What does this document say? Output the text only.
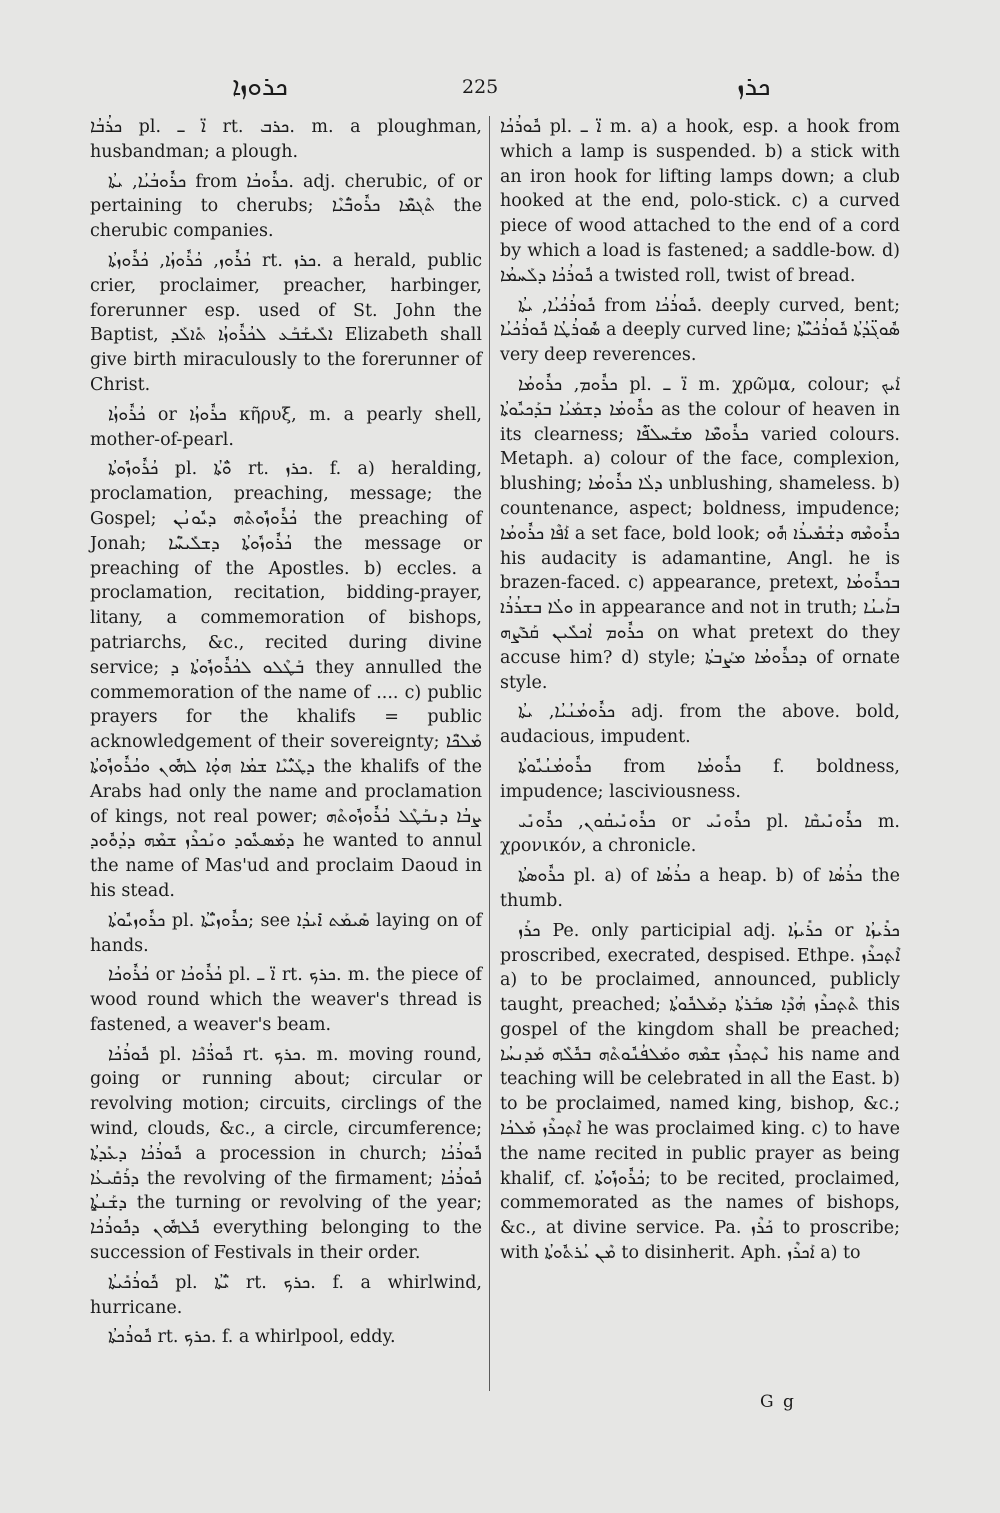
ܟܪܘܙܐ	225	ܟܪܙ

ܟܪܳܒܳܐ pl. ܐ̈ ـ rt. ܟܪܒ. m. a ploughman, husbandman; a plough.

ܟܪܽܘܒܳܝܳܐ, ܝܬܳܐ from ܟܪܽܘܒܳܐ. adj. cherubic, of or pertaining to cherubs; ܬܶܓܡ̈ܶܐ ܟܪܽܘܒ̈ܳܝܶܐ the cherubic companies.

ܟܳܪܽܘܙ, ܟܳܪܽܘܙܳܐ, ܟܳܪܽܘܙܬܳܐ rt. ܟܪܙ. a herald, public crier, proclaimer, preacher, harbinger, forerunner esp. used of St. John the Baptist, ܐܠܺܝܫܰܒܰܥ ܠܟܳܪܽܘܙܳܐ ܬܺܐܠܰܕ Elizabeth shall give birth miraculously to the forerunner of Christ.

ܟܳܪܽܘܙܳܐ or ܟܪܽܘܙܳܐ κῆρυξ, m. a pearly shell, mother-of-pearl.

ܟܳܪܽܘܙܽܘܬܳܐ pl. ܘ̈ܳܬܳܐ rt. ܟܪܙ. f. a) heralding, proclamation, preaching, message; the Gospel; ܟܳܪܽܘܙܽܘܬܶܗ ܕܝܽܘܢܳܢ the preaching of Jonah; ܟܳܪܽܘܙܽܘܬܳܐ ܕܫܠܺܝܚ̈ܶܐ the message or preaching of the Apostles. b) eccles. a proclamation, recitation, bidding-prayer, litany, a commemoration of bishops, patriarchs, &c., recited during divine service; ܒܰܛܶܠܘ ܠܟܳܪܽܘܙܽܘܬܳܐ ܕ they annulled the commemoration of the name of .... c) public prayers for the khalifs = public acknowledgement of their sovereignty; ܡܰܠܟ̈ܶܐ ܕܛܰܝ̈ܳܝܶܐ ܫܡܳܐ ܗܘ̣ܳܐ ܠܗܽܘܢ ܘܟܳܪܽܘܙܽܘܬܳܐ the khalifs of the Arabs had only the name and proclamation of kings, not real power; ܨܒܳܐ ܕܢܒܰܛܶܠ ܟܳܪܽܘܙܽܘܬܶܗ ܕܡܰܣܥܽܘܕ ܘܢܰܟܪܶܙ ܫܡܶܗ ܕܕܳܘܽܘܕ he wanted to annul the name of Mas'ud and proclaim Daoud in his stead.

ܟܪܽܘܙܝܽܘܬܳܐ pl. ܟܪܽܘܙܝ̈ܳܬܳܐ; see ܣܺܝܡܰܬ ܐܺܝܕܳܐ laying on of hands.

ܟܳܪܽܘܟܳܐ or ܟܳܪܽܘܟܳܐ pl. ܐ̈ ـ rt. ܟܪܟ. m. the piece of wood round which the weaver's thread is fastened, a weaver's beam.

ܟܽܘܪܳܟܳܐ pl. ܟܽܘܪ̈ܳܟܶܐ rt. ܟܪܟ. m. moving round, going or running about; circular or revolving motion; circuits, circlings of the wind, clouds, &c., a circle, circumference; ܟܽܘܪܳܟܳܐ ܕܥܺܕܬܳܐ a procession in church; ܟܽܘܪܳܟܳܐ ܕܪܰܩܺܝܥܳܐ the revolving of the firmament; ܟܽܘܪܳܟܳܐ ܕܫܰܢ̱ܬܳܐ the turning or revolving of the year; ܟܽܠܗܽܘܢ ܕܟܽܘܪܳܟܳܐ everything belonging to the succession of Festivals in their order.

ܟܽܘܪܳܟܺܝܬܳܐ pl. ܝ̈ܳܬܳܐ rt. ܟܪܟ. f. a whirlwind, hurricane.

ܟܽܘܪܳܟܬܳܐ rt. ܟܪܟ. f. a whirlpool, eddy.

ܟܽܘܪܳܟܳܐ pl. ܐ̈ ـ m. a) a hook, esp. a hook from which a lamp is suspended. b) a stick with an iron hook for lifting lamps down; a club hooked at the end, polo-stick. c) a curved piece of wood attached to the end of a cord by which a load is fastened; a saddle-bow. d) ܟܽܘܪܳܟܳܐ ܕܠܰܚܡܳܐ a twisted roll, twist of bread.

ܟܽܘܪܳܟܳܝܳܐ, ܝܬܳܐ from ܟܽܘܪܳܟܳܐ. deeply curved, bent; ܣܽܘܪܳܛܳܐ ܟܽܘܪܳܟܳܝܳܐ a deeply curved line; ܣܽܘܓ̈ܕܳܬܳܐ ܟܽܘܪܳܟܳܝ̈ܳܬܳܐ very deep reverences.

ܟܪܽܘܡ, ܟܪܽܘܡܳܐ pl. ܐ̈ ـ m. χρῶμα, colour; ܐܰܝܟ ܟܪܽܘܡܳܐ ܕܫܡܰܝܳܐ ܒܕܰܟܝܽܘܬܳܐ as the colour of heaven in its clearness; ܟܪܽܘܡ̈ܶܐ ܡܫܰܚܠܦ̈ܶܐ varied colours. Metaph. a) colour of the face, complexion, blushing; ܕܠܳܐ ܟܪܽܘܡܳܐ unblushing, shameless. b) countenance, aspect; boldness, impudence; ܐܰܦܶܐ ܟܪܽܘܡܳܐ a set face, bold look; ܟܪܽܘܡܶܗ ܕܫܳܡܺܝܪܳܐ ܗܽܘ his audacity is adamantine, Angl. he is brazen-faced. c) appearance, pretext, ܒܟܪܽܘܡܳܐ ܘܠܳܐ ܒܫܪܳܪܳܐ in appearance and not in truth; ܒܐܰܝܢܳܐ ܟܪܽܘܡ ܐܳܟܠܺܝܢ ܩܰܪܨܶܗ on what pretext do they accuse him? d) style; ܕܟܪܽܘܡܳܐ ܡܨܰܒܬܳܐ of ornate style.

ܟܪܽܘܡܳܢܳܝܳܐ, ܝܬܳܐ adj. from the above. bold, audacious, impudent.

ܟܪܽܘܡܳܢܳܝܽܘܬܳܐ from ܟܪܽܘܡܳܐ f. boldness, impudence; lasciviousness.

ܟܪܽܘܢܺܝܩܳܘܢ, ܟܪܽܘܢܺܝ or ܟܪܽܘܢܺܝ pl. ܟܪܽܘܢܺܝܩܶܐ m. χρονικόν, a chronicle.

ܟܪܽܘܣܬܳܐ pl. a) of ܟܪܳܣܳܐ a heap. b) of ܟܪܳܣܳܐ the thumb.

ܟܪܰܙ Pe. only participial adj. ܟܪܺܝܙܳܐ or ܟܪܺܝܙܳܐ proscribed, execrated, despised. Ethpe. ܐܶܬ̣ܟܪܶܙ a) to be proclaimed, announced, publicly taught, preached; ܬܶܬ̣ܟܪܶܙ ܗܳܕܶܐ ܣܒܰܪܬܳܐ ܕܡܰܠܟܽܘܬܳܐ this gospel of the kingdom shall be preached; ܢܶܬ̣ܟܪܶܙ ܫܡܶܗ ܘܡܰܠܦܳܢܽܘܬܶܗ ܒܟܽܠܶܗ ܡܰܕܢܚܳܐ his name and teaching will be celebrated in all the East. b) to be proclaimed, named king, bishop, &c.; ܐܶܬ̣ܟܪܶܙ ܡܰܠܟܳܐ he was proclaimed king. c) to have the name recited in public prayer as being khalif, cf. ܟܳܪܽܘܙܽܘܬܳܐ; to be recited, proclaimed, commemorated as the names of bishops, &c., at divine service. Pa. ܟܰܪܶܙ to proscribe; with ܡܶܢ ܝܳܪܬܽܘܬܳܐ to disinherit. Aph. ܐܰܟܪܶܙ a) to

G g
